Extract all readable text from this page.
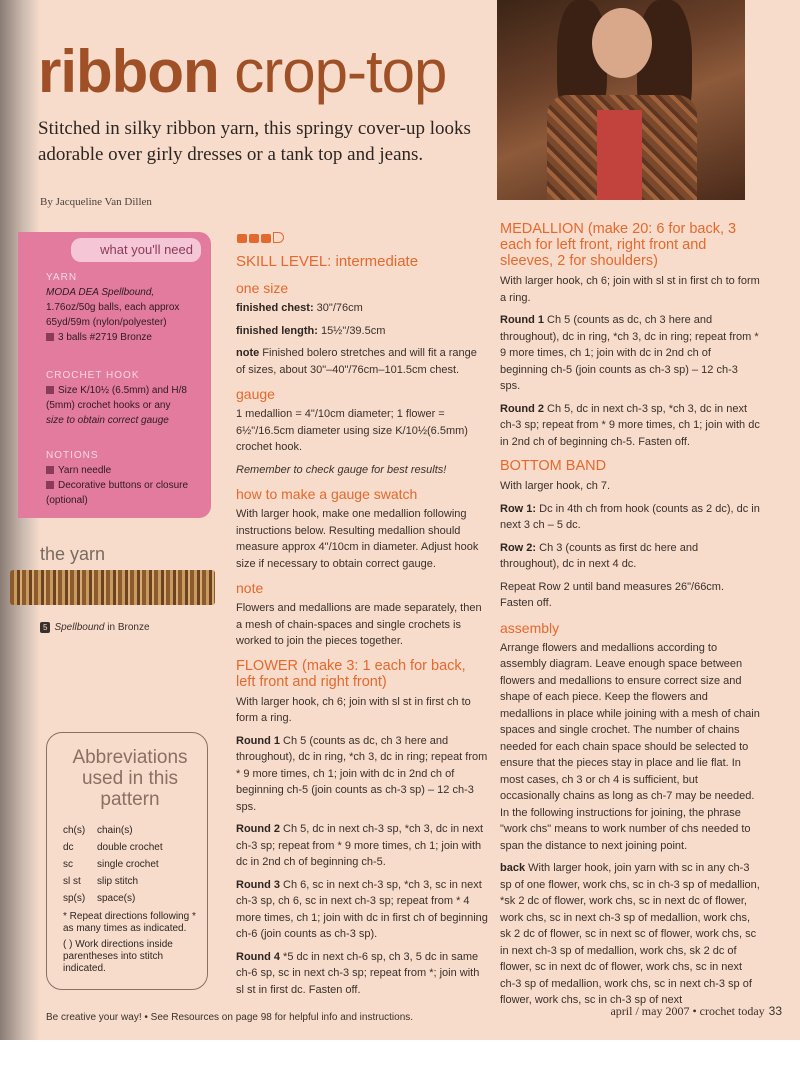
ribbon crop-top
Stitched in silky ribbon yarn, this springy cover-up looks adorable over girly dresses or a tank top and jeans.
By Jacqueline Van Dillen
what you'll need
YARN
MODA DEA Spellbound,
1.76oz/50g balls, each approx
65yd/59m (nylon/polyester)
3 balls #2719 Bronze
CROCHET HOOK
Size K/10½ (6.5mm) and H/8
(5mm) crochet hooks or any
size to obtain correct gauge
NOTIONS
Yarn needle
Decorative buttons or closure
(optional)
the yarn
5 Spellbound in Bronze
Abbreviations used in this pattern
ch(s) chain(s)
dc double crochet
sc single crochet
sl st slip stitch
sp(s) space(s)
* Repeat directions following * as many times as indicated.
( ) Work directions inside parentheses into stitch indicated.
SKILL LEVEL: intermediate
one size

finished chest: 30"/76cm

finished length: 15½"/39.5cm

note Finished bolero stretches and will fit a range of sizes, about 30"–40"/76cm–101.5cm chest.

gauge

1 medallion = 4"/10cm diameter; 1 flower = 6½"/16.5cm diameter using size K/10½(6.5mm) crochet hook.

Remember to check gauge for best results!

how to make a gauge swatch

With larger hook, make one medallion following instructions below. Resulting medallion should measure approx 4"/10cm in diameter. Adjust hook size if necessary to obtain correct gauge.

note

Flowers and medallions are made separately, then a mesh of chain-spaces and single crochets is worked to join the pieces together.

FLOWER (make 3: 1 each for back, left front and right front)

With larger hook, ch 6; join with sl st in first ch to form a ring.

Round 1 Ch 5 (counts as dc, ch 3 here and throughout), dc in ring, *ch 3, dc in ring; repeat from * 9 more times, ch 1; join with dc in 2nd ch of beginning ch-5 (join counts as ch-3 sp) – 12 ch-3 sps.

Round 2 Ch 5, dc in next ch-3 sp, *ch 3, dc in next ch-3 sp; repeat from * 9 more times, ch 1; join with dc in 2nd ch of beginning ch-5.

Round 3 Ch 6, sc in next ch-3 sp, *ch 3, sc in next ch-3 sp, ch 6, sc in next ch-3 sp; repeat from * 4 more times, ch 1; join with dc in first ch of beginning ch-6 (join counts as ch-3 sp).

Round 4 *5 dc in next ch-6 sp, ch 3, 5 dc in same ch-6 sp, sc in next ch-3 sp; repeat from *; join with sl st in first dc. Fasten off.

MEDALLION (make 20: 6 for back, 3 each for left front, right front and sleeves, 2 for shoulders)

With larger hook, ch 6; join with sl st in first ch to form a ring.

Round 1 Ch 5 (counts as dc, ch 3 here and throughout), dc in ring, *ch 3, dc in ring; repeat from * 9 more times, ch 1; join with dc in 2nd ch of beginning ch-5 (join counts as ch-3 sp) – 12 ch-3 sps.

Round 2 Ch 5, dc in next ch-3 sp, *ch 3, dc in next ch-3 sp; repeat from * 9 more times, ch 1; join with dc in 2nd ch of beginning ch-5. Fasten off.

BOTTOM BAND

With larger hook, ch 7.

Row 1: Dc in 4th ch from hook (counts as 2 dc), dc in next 3 ch – 5 dc.

Row 2: Ch 3 (counts as first dc here and throughout), dc in next 4 dc.

Repeat Row 2 until band measures 26"/66cm. Fasten off.

assembly

Arrange flowers and medallions according to assembly diagram. Leave enough space between flowers and medallions to ensure correct size and shape of each piece. Keep the flowers and medallions in place while joining with a mesh of chain spaces and single crochet. The number of chains needed for each chain space should be selected to ensure that the pieces stay in place and lie flat. In most cases, ch 3 or ch 4 is sufficient, but occasionally chains as long as ch-7 may be needed. In the following instructions for joining, the phrase "work chs" means to work number of chs needed to span the distance to next joining point.

back With larger hook, join yarn with sc in any ch-3 sp of one flower, work chs, sc in ch-3 sp of medallion, *sk 2 dc of flower, work chs, sc in next dc of flower, work chs, sc in next ch-3 sp of medallion, work chs, sk 2 dc of flower, sc in next sc of flower, work chs, sc in next ch-3 sp of medallion, work chs, sk 2 dc of flower, sc in next dc of flower, work chs, sc in next ch-3 sp of medallion, work chs, sc in next ch-3 sp of flower, work chs, sc in ch-3 sp of next

Be creative your way! • See Resources on page 98 for helpful info and instructions.	april / may 2007 • crochet today 33
